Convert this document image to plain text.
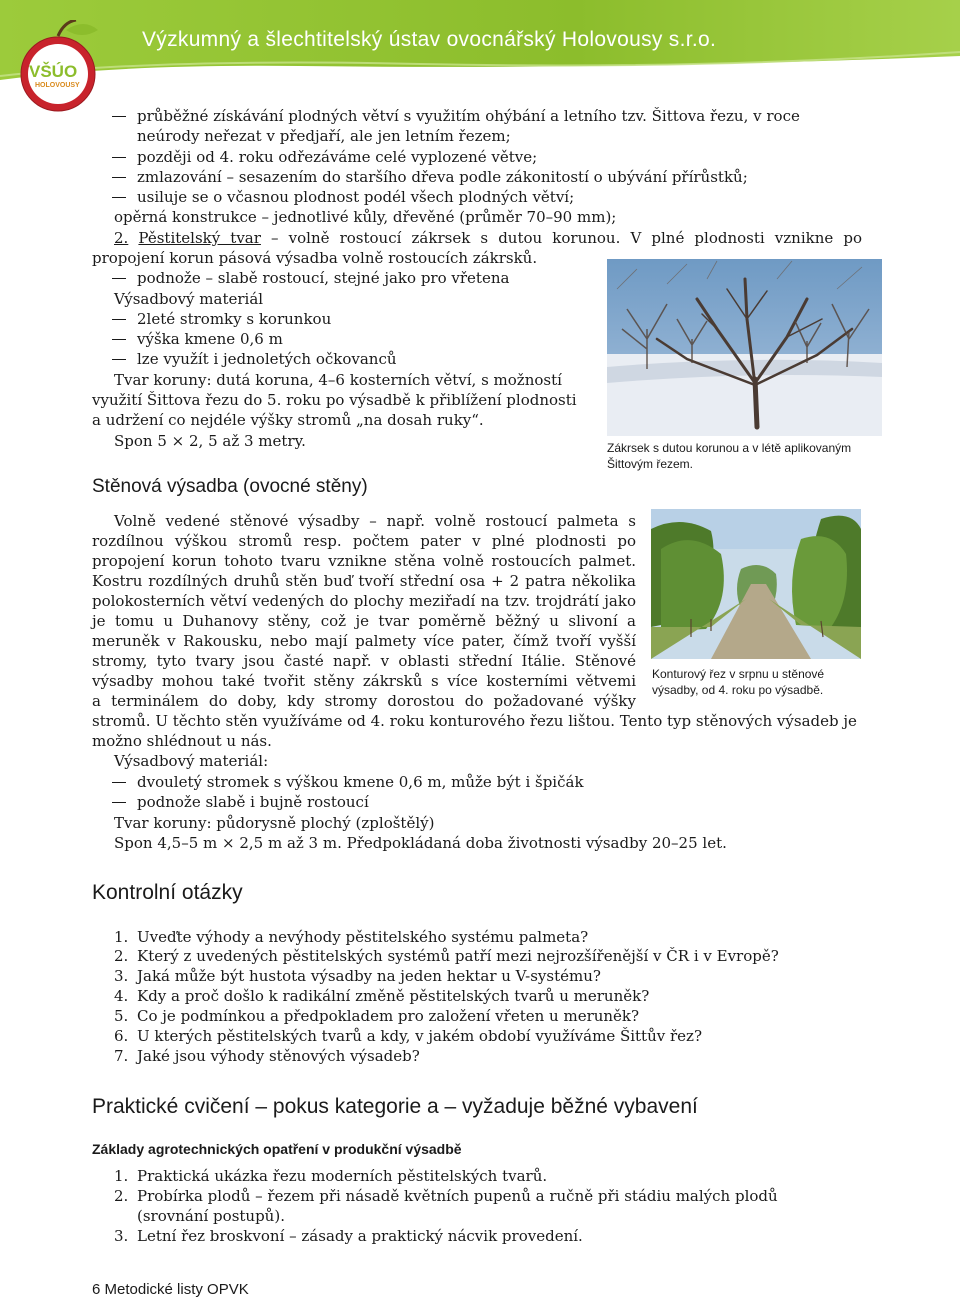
Výzkumný a šlechtitelský ústav ovocnářský Holovousy s.r.o.
VŠÚO
HOLOVOUSY
průběžné získávání plodných větví s využitím ohýbání a letního tzv. Šittova řezu, v roce
neúrody neřezat v předjaří, ale jen letním řezem;
později od 4. roku odřezáváme celé vyplozené větve;
zmlazování – sesazením do staršího dřeva podle zákonitostí o ubývání přírůstků;
usiluje se o včasnou plodnost podél všech plodných větví;
opěrná konstrukce – jednotlivé kůly, dřevěné (průměr 70–90 mm);
2. Pěstitelský tvar – volně rostoucí zákrsek s dutou korunou. V plné plodnosti vznikne po
propojení korun pásová výsadba volně rostoucích zákrsků.
podnože – slabě rostoucí, stejné jako pro vřetena
Výsadbový materiál
2leté stromky s korunkou
výška kmene 0,6 m
lze využít i jednoletých očkovanců
Tvar koruny: dutá koruna, 4–6 kosterních větví, s možností
využití Šittova řezu do 5. roku po výsadbě k přiblížení plodnosti
a udržení co nejdéle výšky stromů „na dosah ruky“.
Spon 5 × 2, 5 až 3 metry.	Zákrsek s dutou korunou a v létě aplikovaným
Šittovým řezem.
Stěnová výsadba (ovocné stěny)
Volně vedené stěnové výsadby – např. volně rostoucí palmeta s
rozdílnou výškou stromů resp. počtem pater v plné plodnosti po
propojení korun tohoto tvaru vznikne stěna volně rostoucích palmet.
Kostru rozdílných druhů stěn buď tvoří střední osa + 2 patra několika
polokosterních větví vedených do plochy meziřadí na tzv. trojdrátí jako
je tomu u Duhanovy stěny, což je tvar poměrně běžný u slivoní a
meruněk v Rakousku, nebo mají palmety více pater, čímž tvoří vyšší
stromy, tyto tvary jsou časté např. v oblasti střední Itálie. Stěnové
výsadby mohou také tvořit stěny zákrsků s více kosterními větvemi
a terminálem do doby, kdy stromy dorostou do požadované výšky
stromů. U těchto stěn využíváme od 4. roku konturového řezu lištou. Tento typ stěnových výsadeb je
možno shlédnout u nás.
Konturový řez v srpnu u stěnové
výsadby, od 4. roku po výsadbě.
Výsadbový materiál:
dvouletý stromek s výškou kmene 0,6 m, může být i špičák
podnože slabě i bujně rostoucí
Tvar koruny: půdorysně plochý (zploštělý)
Spon 4,5–5 m × 2,5 m až 3 m. Předpokládaná doba životnosti výsadby 20–25 let.
Kontrolní otázky
1. Uveďte výhody a nevýhody pěstitelského systému palmeta?
2. Který z uvedených pěstitelských systémů patří mezi nejrozšířenější v ČR i v Evropě?
3. Jaká může být hustota výsadby na jeden hektar u V-systému?
4. Kdy a proč došlo k radikální změně pěstitelských tvarů u meruněk?
5. Co je podmínkou a předpokladem pro založení vřeten u meruněk?
6. U kterých pěstitelských tvarů a kdy, v jakém období využíváme Šittův řez?
7. Jaké jsou výhody stěnových výsadeb?
Praktické cvičení – pokus kategorie a – vyžaduje běžné vybavení
Základy agrotechnických opatření v produkční výsadbě
1. Praktická ukázka řezu moderních pěstitelských tvarů.
2. Probírka plodů – řezem při násadě květních pupenů a ručně při stádiu malých plodů
(srovnání postupů).
3. Letní řez broskvoní – zásady a praktický nácvik provedení.
6 Metodické listy OPVK
